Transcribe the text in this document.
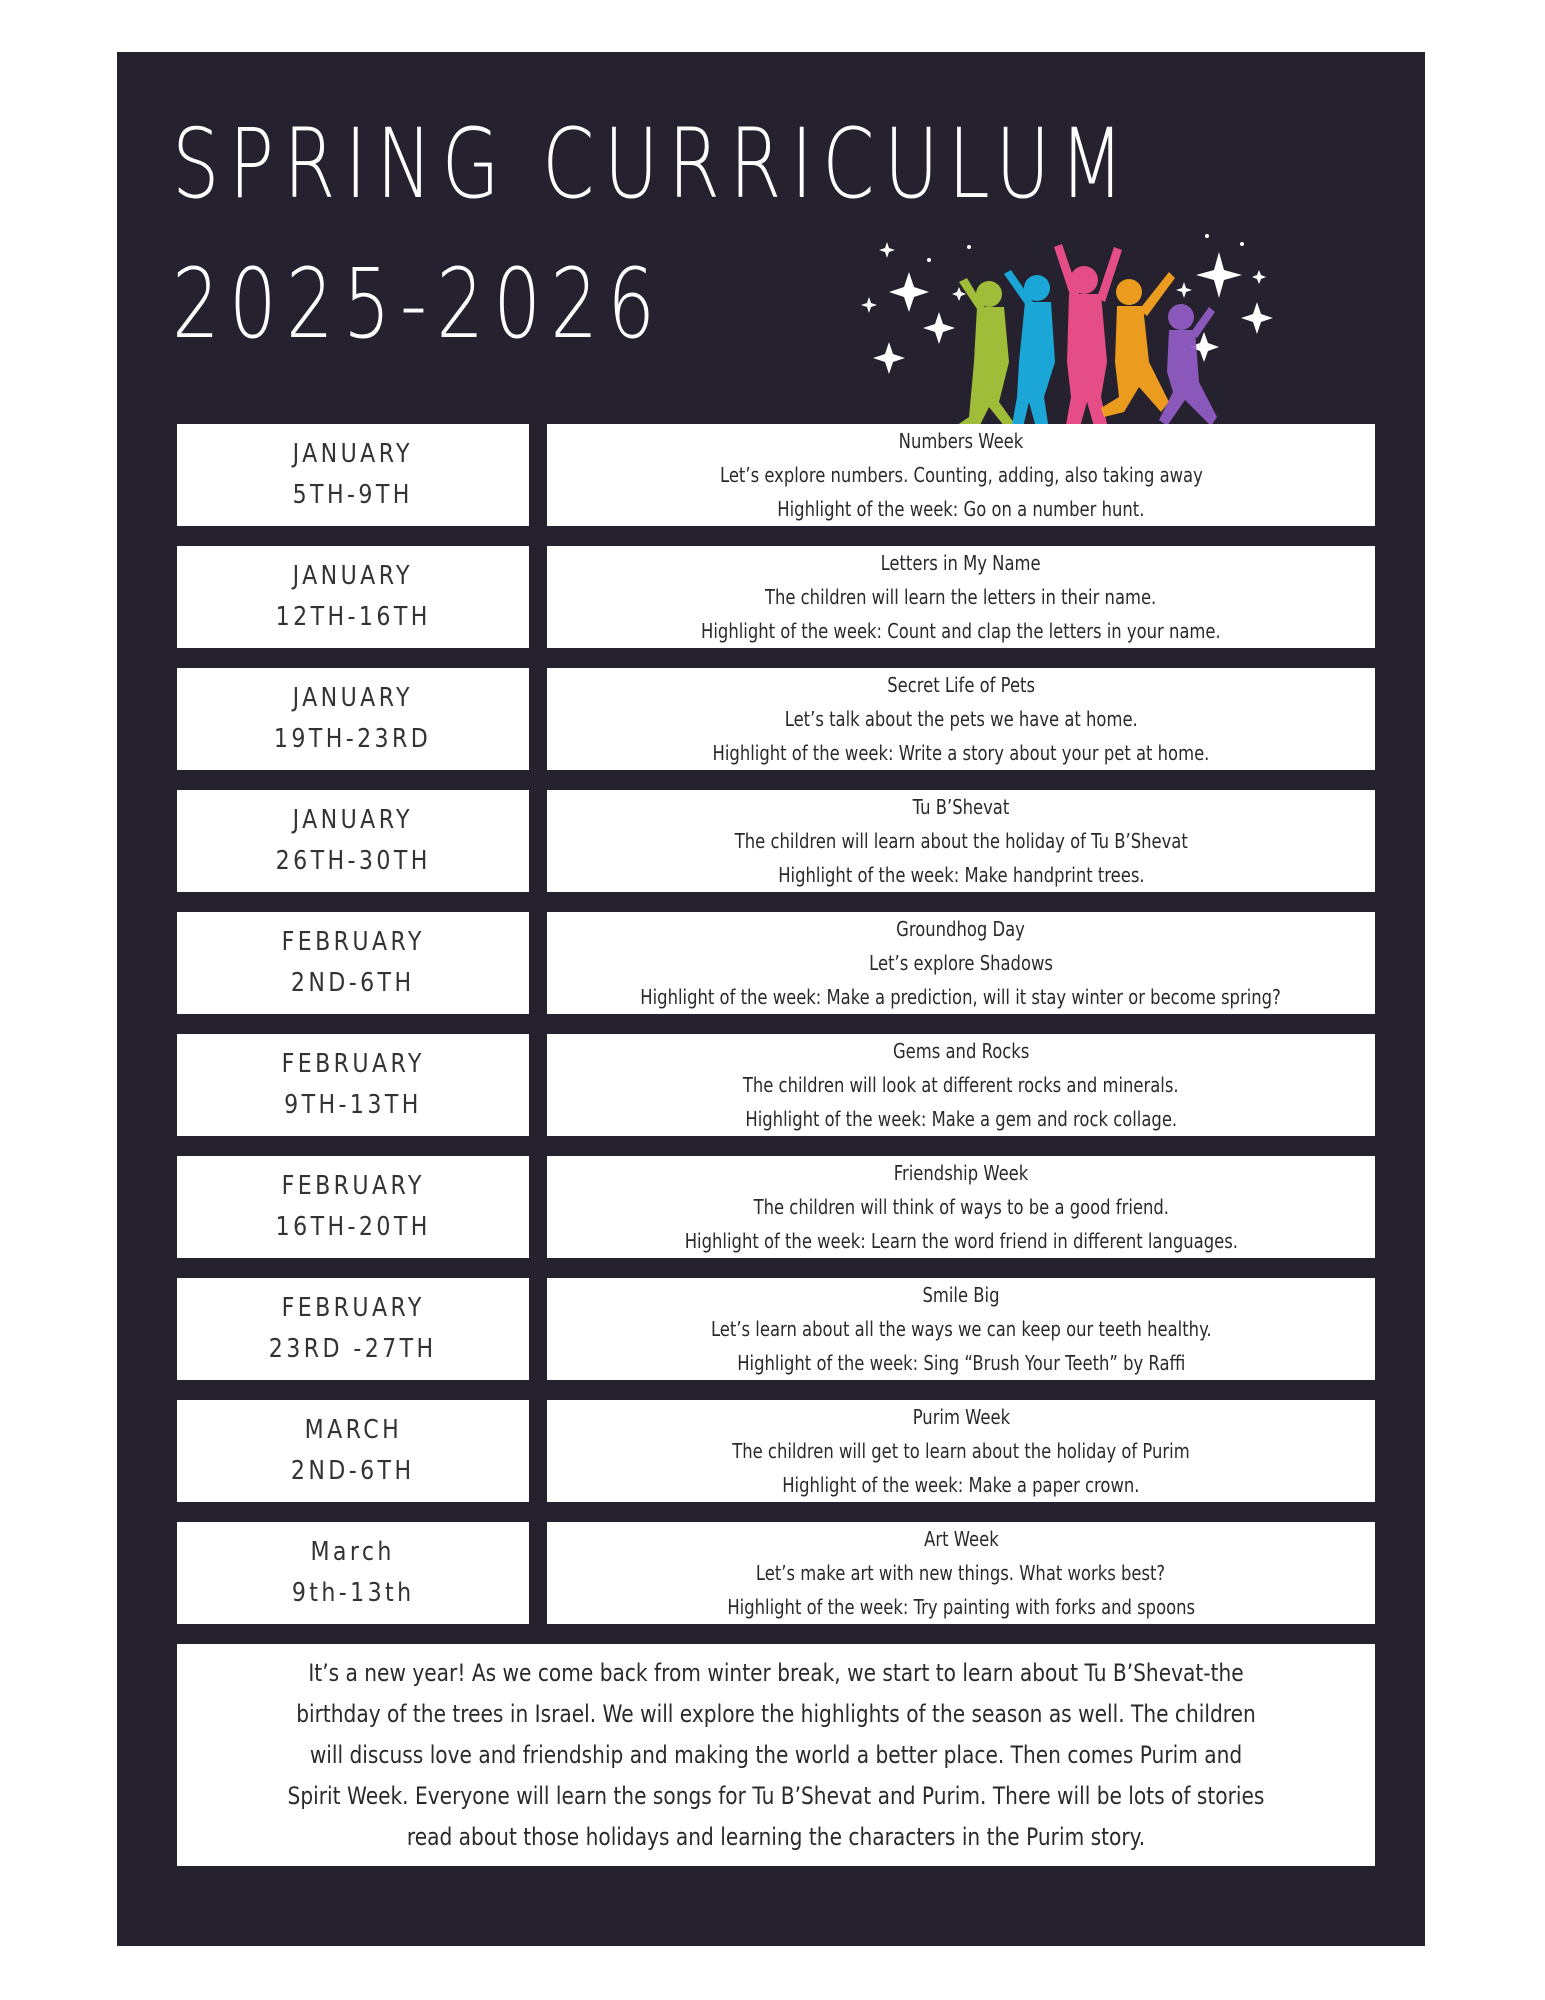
SPRING CURRICULUM
2025-2026
JANUARY
5TH-9TH
Numbers Week
Let’s explore numbers. Counting, adding, also taking away
Highlight of the week: Go on a number hunt.
JANUARY
12TH-16TH
Letters in My Name
The children will learn the letters in their name.
Highlight of the week: Count and clap the letters in your name.
JANUARY
19TH-23RD
Secret Life of Pets
Let’s talk about the pets we have at home.
Highlight of the week: Write a story about your pet at home.
JANUARY
26TH-30TH
Tu B’Shevat
The children will learn about the holiday of Tu B’Shevat
Highlight of the week: Make handprint trees.
FEBRUARY
2ND-6TH
Groundhog Day
Let’s explore Shadows
Highlight of the week: Make a prediction, will it stay winter or become spring?
FEBRUARY
9TH-13TH
Gems and Rocks
The children will look at different rocks and minerals.
Highlight of the week: Make a gem and rock collage.
FEBRUARY
16TH-20TH
Friendship Week
The children will think of ways to be a good friend.
Highlight of the week: Learn the word friend in different languages.
FEBRUARY
23RD -27TH
Smile Big
Let’s learn about all the ways we can keep our teeth healthy.
Highlight of the week: Sing “Brush Your Teeth” by Raffi
MARCH
2ND-6TH
Purim Week
The children will get to learn about the holiday of Purim
Highlight of the week: Make a paper crown.
March
9th-13th
Art Week
Let’s make art with new things. What works best?
Highlight of the week: Try painting with forks and spoons

It’s a new year! As we come back from winter break, we start to learn about Tu B’Shevat-the birthday of the trees in Israel. We will explore the highlights of the season as well. The children will discuss love and friendship and making the world a better place. Then comes Purim and Spirit Week. Everyone will learn the songs for Tu B’Shevat and Purim. There will be lots of stories read about those holidays and learning the characters in the Purim story.
